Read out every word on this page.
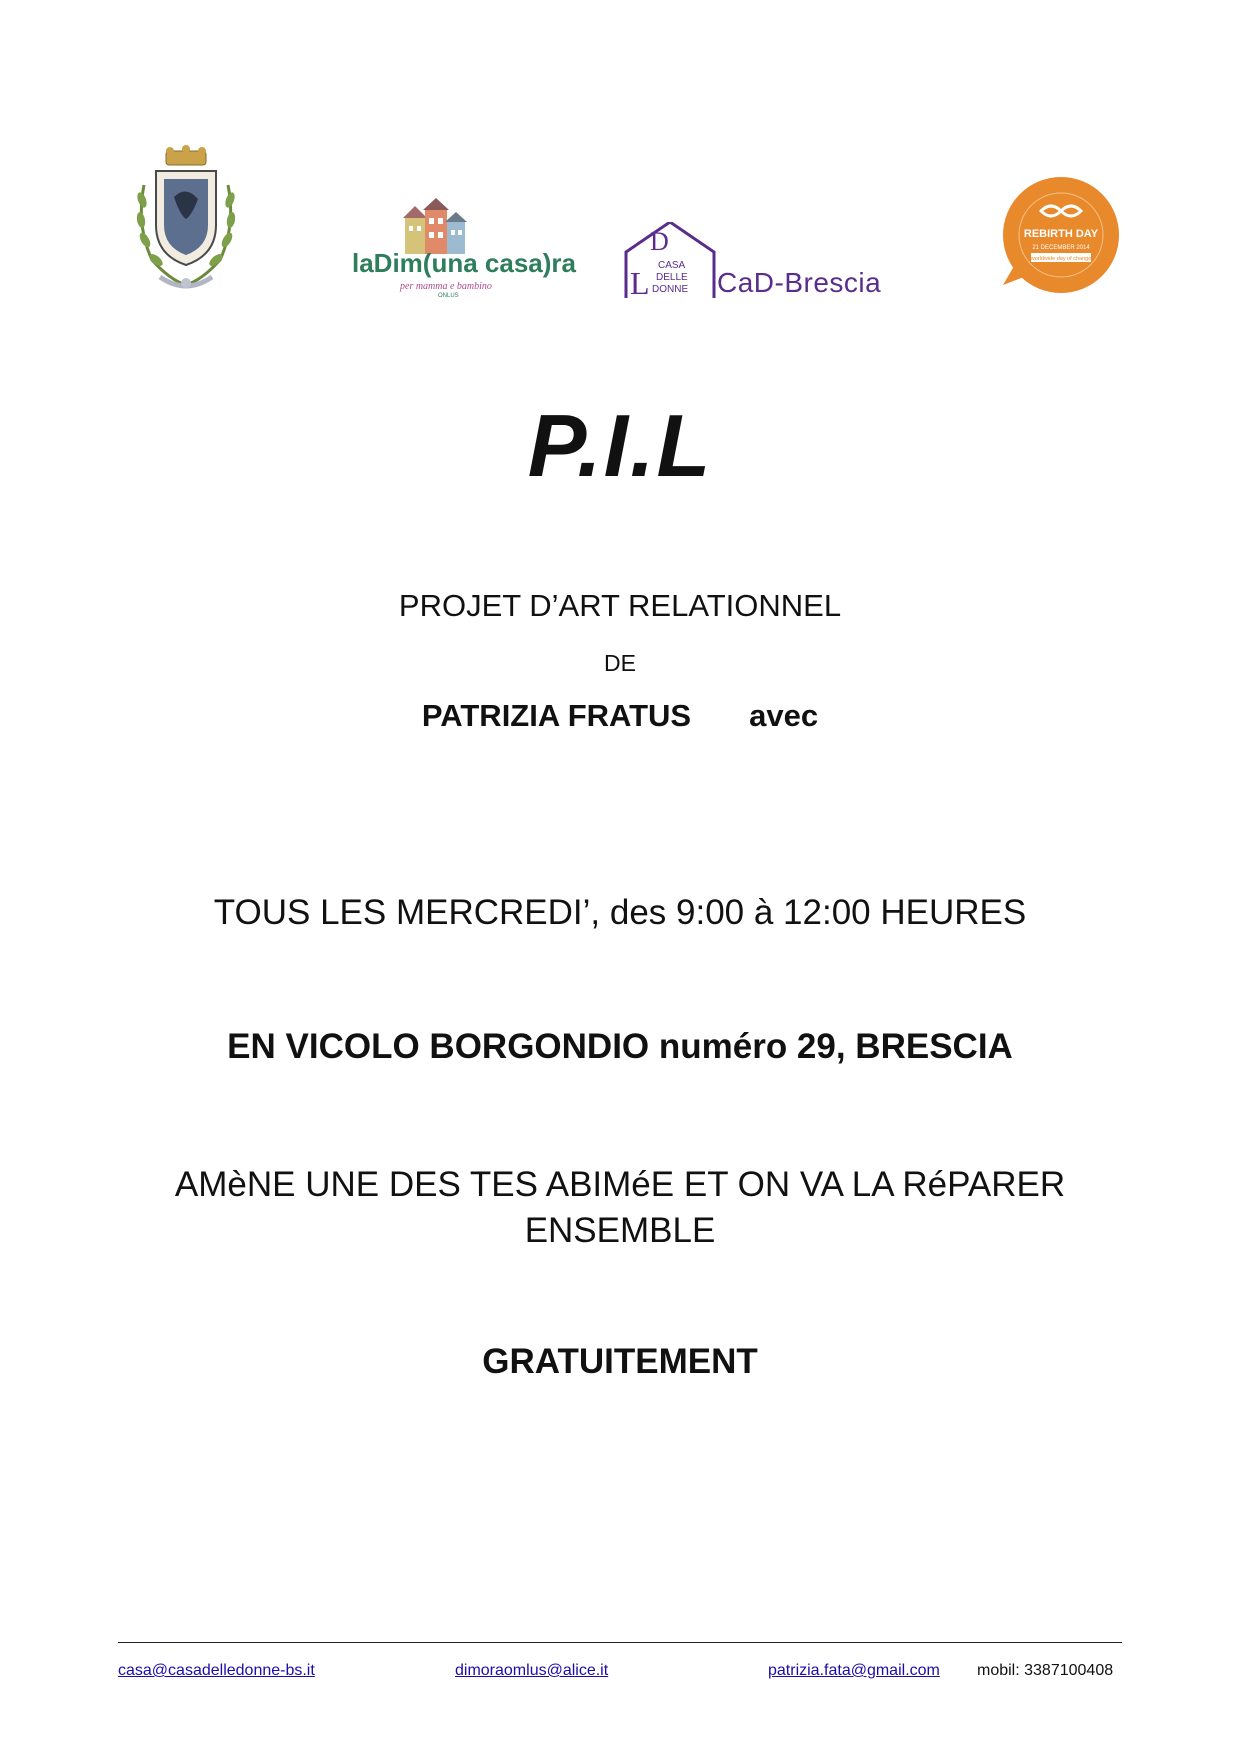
laDim(una casa)ra
per mamma e bambino
ONLUS
D
L CASA
DELLE
DONNE CaD-Brescia
REBIRTH DAY
21 DECEMBER 2014
worldwide day of change
P.I.L
PROJET D’ART RELATIONNEL
DE
PATRIZIA FRATUS avec
TOUS LES MERCREDI’, des 9:00 à 12:00 HEURES
EN VICOLO BORGONDIO numéro 29, BRESCIA
AMèNE UNE DES TES ABIMéE ET ON VA LA RéPARER
ENSEMBLE
GRATUITEMENT
casa@casadelledonne-bs.it	dimoraomlus@alice.it	patrizia.fata@gmail.com mobil: 3387100408
